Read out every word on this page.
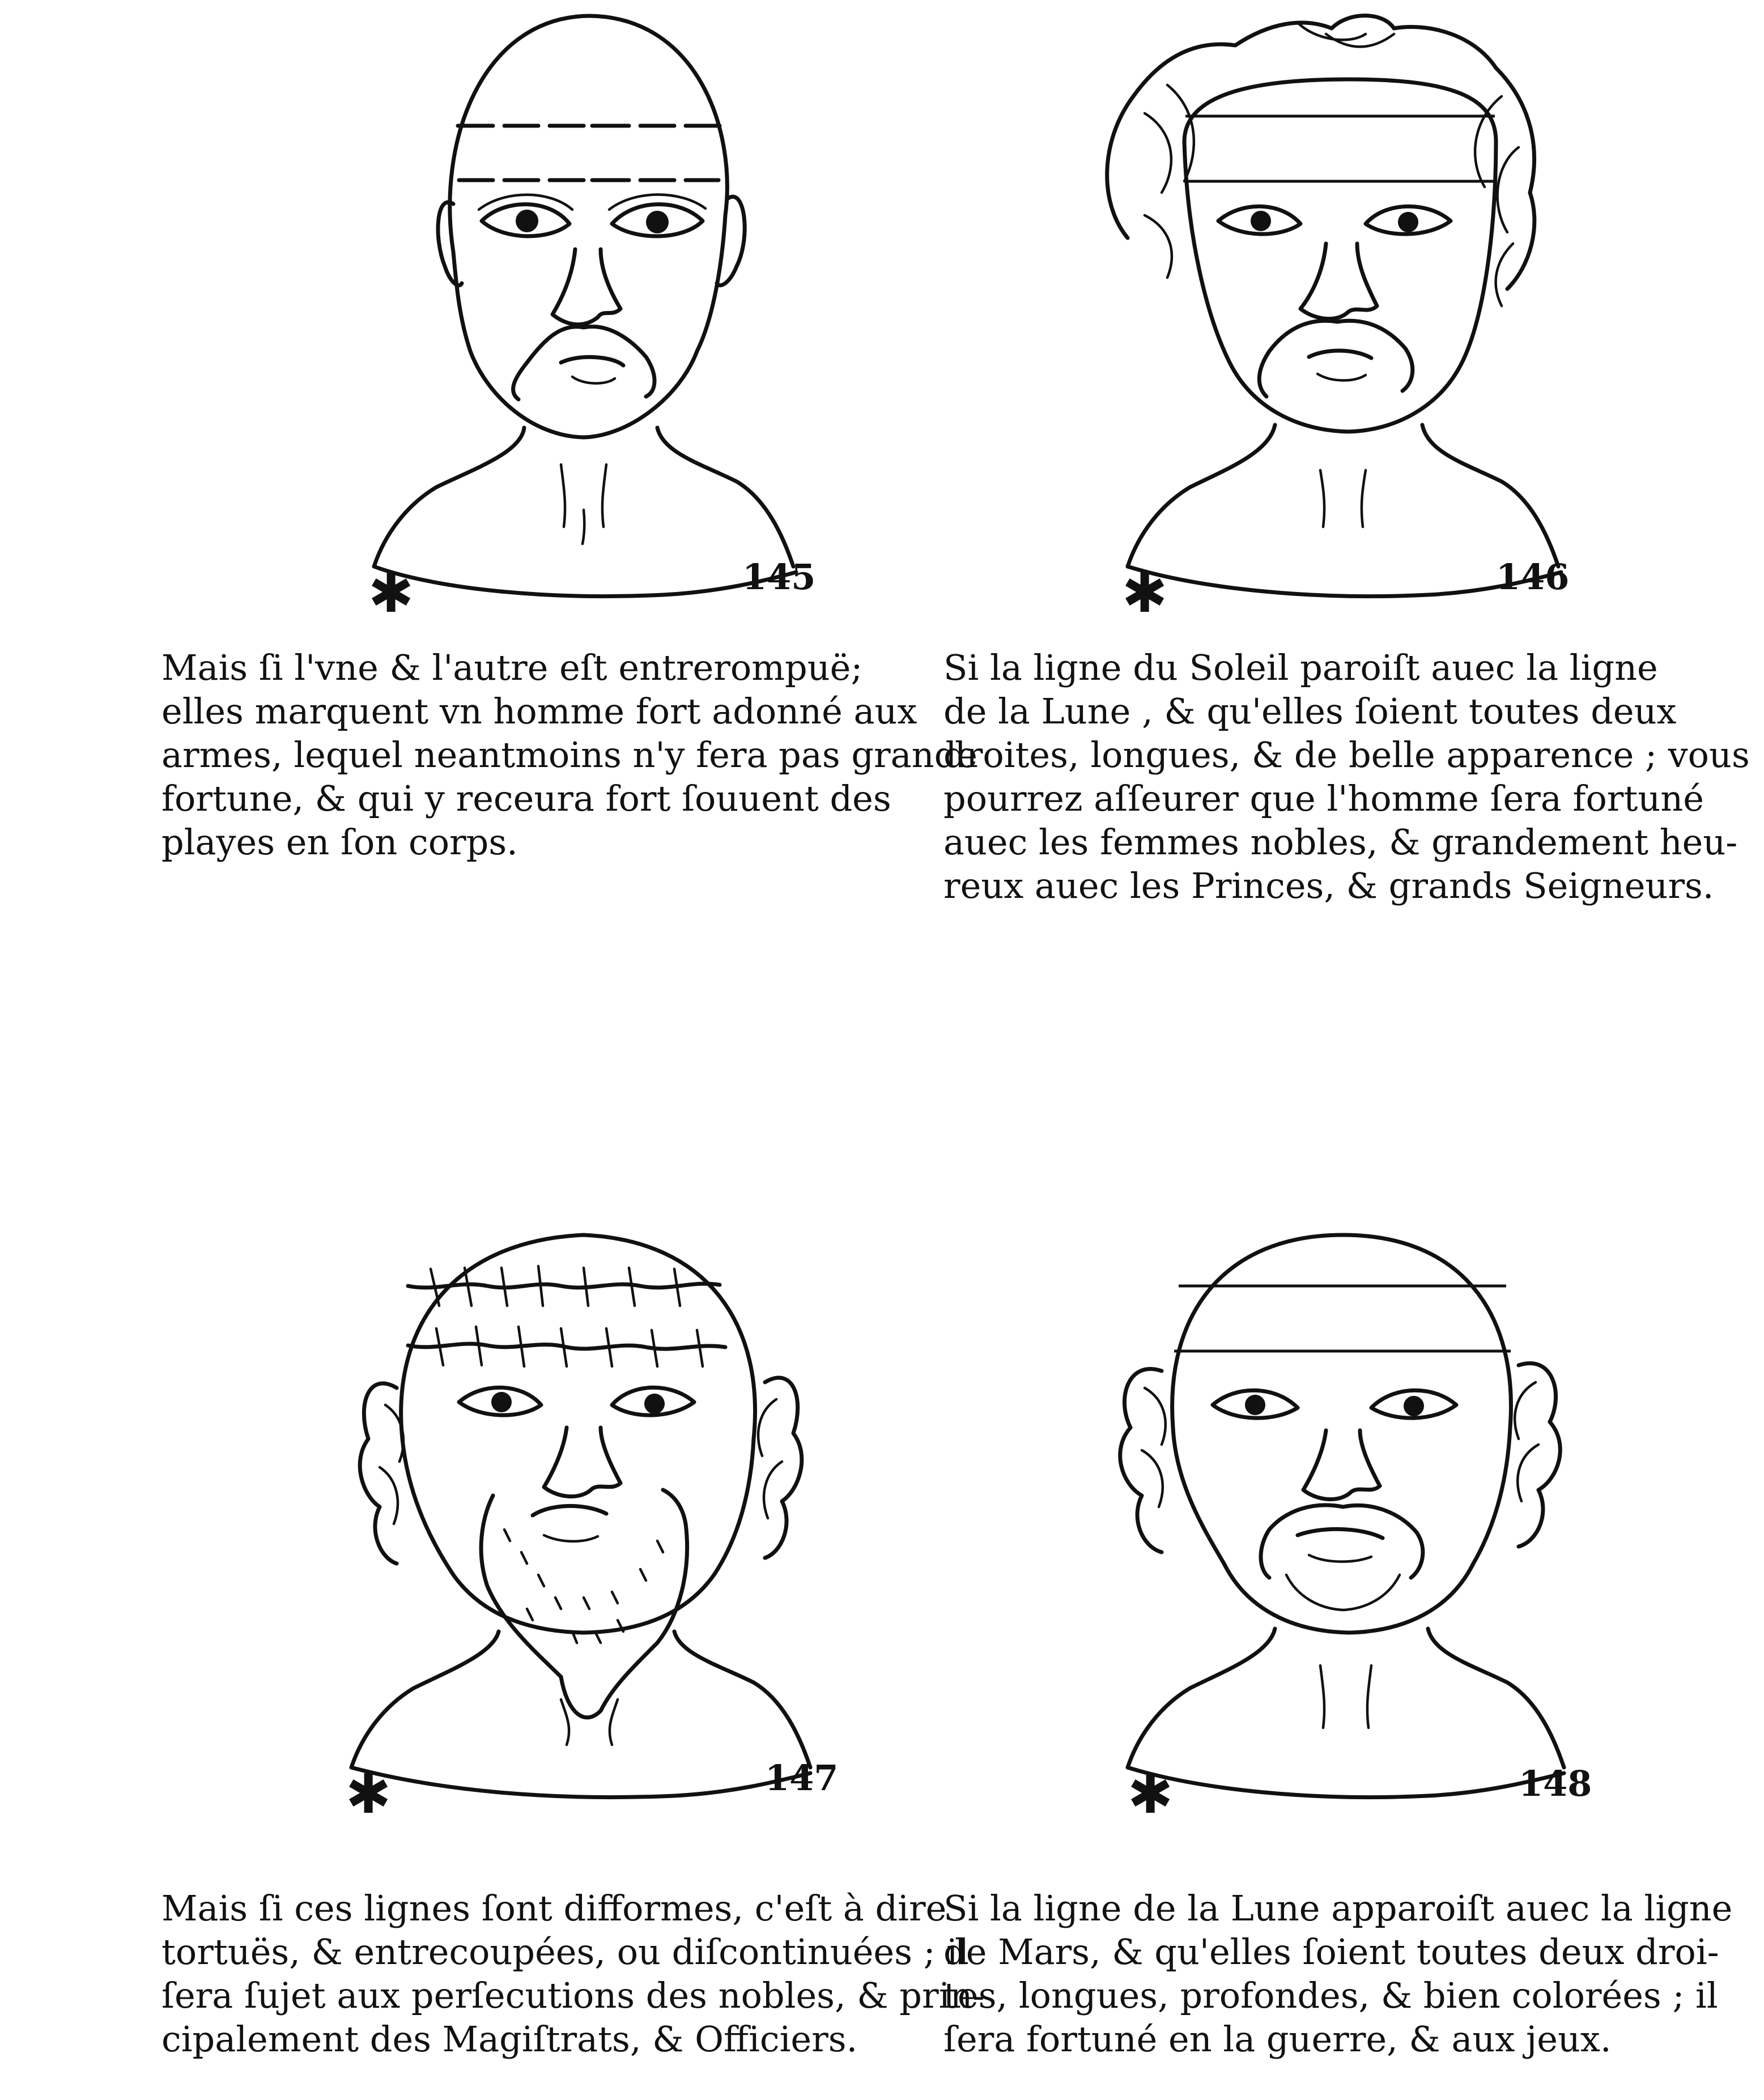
✱	145	✱	146
Mais ſi l'vne & l'autre eſt entrerompuë;
elles marquent vn homme fort adonné aux
armes, lequel neantmoins n'y fera pas grande
fortune, & qui y receura fort ſouuent des
playes en ſon corps.
Si la ligne du Soleil paroiſt auec la ligne
de la Lune , & qu'elles ſoient toutes deux
droites, longues, & de belle apparence ; vous
pourrez aſſeurer que l'homme ſera fortuné
auec les femmes nobles, & grandement heu-
reux auec les Princes, & grands Seigneurs.
✱	147	✱	148
Mais ſi ces lignes ſont difformes, c'eſt à dire
tortuës, & entrecoupées, ou diſcontinuées ; il
ſera ſujet aux perſecutions des nobles, & prin-
cipalement des Magiſtrats, & Officiers.
Si la ligne de la Lune apparoiſt auec la ligne
de Mars, & qu'elles ſoient toutes deux droi-
tes, longues, profondes, & bien colorées ; il
ſera fortuné en la guerre, & aux jeux.
